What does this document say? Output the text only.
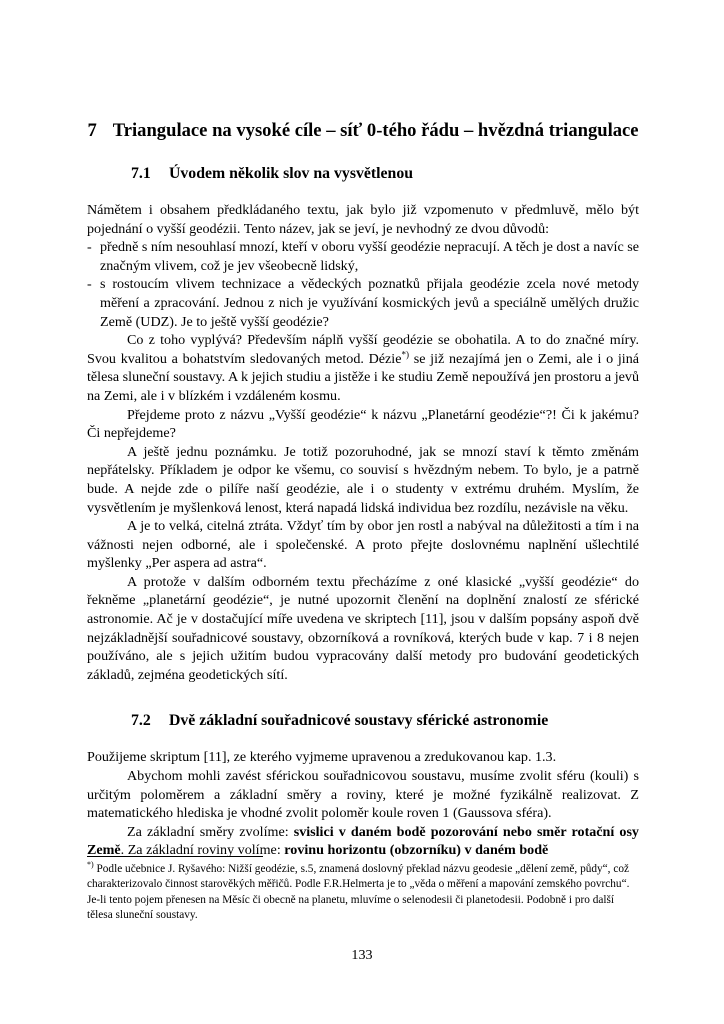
7 Triangulace na vysoké cíle – síť 0-tého řádu – hvězdná triangulace
7.1 Úvodem několik slov na vysvětlenou

Námětem i obsahem předkládaného textu, jak bylo již vzpomenuto v předmluvě, mělo být pojednání o vyšší geodézii. Tento název, jak se jeví, je nevhodný ze dvou důvodů:

- předně s ním nesouhlasí mnozí, kteří v oboru vyšší geodézie nepracují. A těch je dost a navíc se značným vlivem, což je jev všeobecně lidský,
- s rostoucím vlivem technizace a vědeckých poznatků přijala geodézie zcela nové metody měření a zpracování. Jednou z nich je využívání kosmických jevů a speciálně umělých družic Země (UDZ). Je to ještě vyšší geodézie?

Co z toho vyplývá? Především náplň vyšší geodézie se obohatila. A to do značné míry. Svou kvalitou a bohatstvím sledovaných metod. Dézie*) se již nezajímá jen o Zemi, ale i o jiná tělesa sluneční soustavy. A k jejich studiu a jistěže i ke studiu Země nepoužívá jen prostoru a jevů na Zemi, ale i v blízkém i vzdáleném kosmu.

Přejdeme proto z názvu „Vyšší geodézie“ k názvu „Planetární geodézie“?! Či k jakému? Či nepřejdeme?

A ještě jednu poznámku. Je totiž pozoruhodné, jak se mnozí staví k těmto změnám nepřátelsky. Příkladem je odpor ke všemu, co souvisí s hvězdným nebem. To bylo, je a patrně bude. A nejde zde o pilíře naší geodézie, ale i o studenty v extrému druhém. Myslím, že vysvětlením je myšlenková lenost, která napadá lidská individua bez rozdílu, nezávisle na věku.

A je to velká, citelná ztráta. Vždyť tím by obor jen rostl a nabýval na důležitosti a tím i na vážnosti nejen odborné, ale i společenské. A proto přejte doslovnému naplnění ušlechtilé myšlenky „Per aspera ad astra“.

A protože v dalším odborném textu přecházíme z oné klasické „vyšší geodézie“ do řekněme „planetární geodézie“, je nutné upozornit členění na doplnění znalostí ze sférické astronomie. Ač je v dostačující míře uvedena ve skriptech [11], jsou v dalším popsány aspoň dvě nejzákladnější souřadnicové soustavy, obzorníková a rovníková, kterých bude v kap. 7 i 8 nejen používáno, ale s jejich užitím budou vypracovány další metody pro budování geodetických základů, zejména geodetických sítí.

7.2 Dvě základní souřadnicové soustavy sférické astronomie

Použijeme skriptum [11], ze kterého vyjmeme upravenou a zredukovanou kap. 1.3.

Abychom mohli zavést sférickou souřadnicovou soustavu, musíme zvolit sféru (kouli) s určitým poloměrem a základní směry a roviny, které je možné fyzikálně realizovat. Z matematického hlediska je vhodné zvolit poloměr koule roven 1 (Gaussova sféra).

Za základní směry zvolíme: svislici v daném bodě pozorování nebo směr rotační osy Země. Za základní roviny volíme: rovinu horizontu (obzorníku) v daném bodě

*) Podle učebnice J. Ryšavého: Nižší geodézie, s.5, znamená doslovný překlad názvu geodesie „dělení země, půdy“, což charakterizovalo činnost starověkých měřičů. Podle F.R.Helmerta je to „věda o měření a mapování zemského povrchu“. Je-li tento pojem přenesen na Měsíc či obecně na planetu, mluvíme o selenodesii či planetodesii. Podobně i pro další tělesa sluneční soustavy.
133
